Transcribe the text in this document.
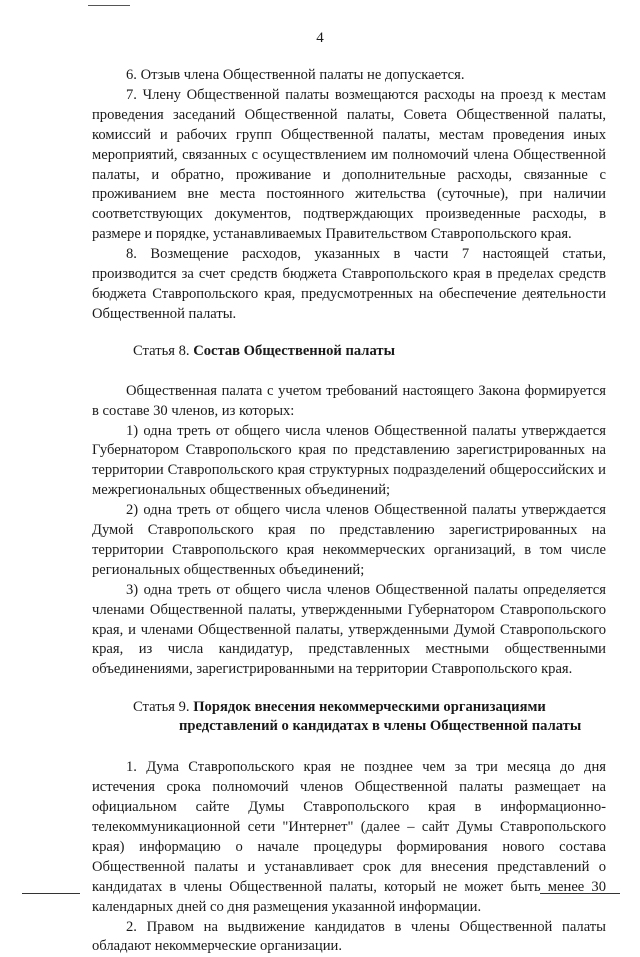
4

6. Отзыв члена Общественной палаты не допускается.

7. Члену Общественной палаты возмещаются расходы на проезд к местам проведения заседаний Общественной палаты, Совета Общественной палаты, комиссий и рабочих групп Общественной палаты, местам проведения иных мероприятий, связанных с осуществлением им полномочий члена Общественной палаты, и обратно, проживание и дополнительные расходы, связанные с проживанием вне места постоянного жительства (суточные), при наличии соответствующих документов, подтверждающих произведенные расходы, в размере и порядке, устанавливаемых Правительством Ставропольского края.

8. Возмещение расходов, указанных в части 7 настоящей статьи, производится за счет средств бюджета Ставропольского края в пределах средств бюджета Ставропольского края, предусмотренных на обеспечение деятельности Общественной палаты.

Статья 8. Состав Общественной палаты

Общественная палата с учетом требований настоящего Закона формируется в составе 30 членов, из которых:

1) одна треть от общего числа членов Общественной палаты утверждается Губернатором Ставропольского края по представлению зарегистрированных на территории Ставропольского края структурных подразделений общероссийских и межрегиональных общественных объединений;

2) одна треть от общего числа членов Общественной палаты утверждается Думой Ставропольского края по представлению зарегистрированных на территории Ставропольского края некоммерческих организаций, в том числе региональных общественных объединений;

3) одна треть от общего числа членов Общественной палаты определяется членами Общественной палаты, утвержденными Губернатором Ставропольского края, и членами Общественной палаты, утвержденными Думой Ставропольского края, из числа кандидатур, представленных местными общественными объединениями, зарегистрированными на территории Ставропольского края.

Статья 9. Порядок внесения некоммерческими организациями
представлений о кандидатах в члены Общественной палаты

1. Дума Ставропольского края не позднее чем за три месяца до дня истечения срока полномочий членов Общественной палаты размещает на официальном сайте Думы Ставропольского края в информационно-телекоммуникационной сети "Интернет" (далее – сайт Думы Ставропольского края) информацию о начале процедуры формирования нового состава Общественной палаты и устанавливает срок для внесения представлений о кандидатах в члены Общественной палаты, который не может быть менее 30 календарных дней со дня размещения указанной информации.

2. Правом на выдвижение кандидатов в члены Общественной палаты обладают некоммерческие организации.
